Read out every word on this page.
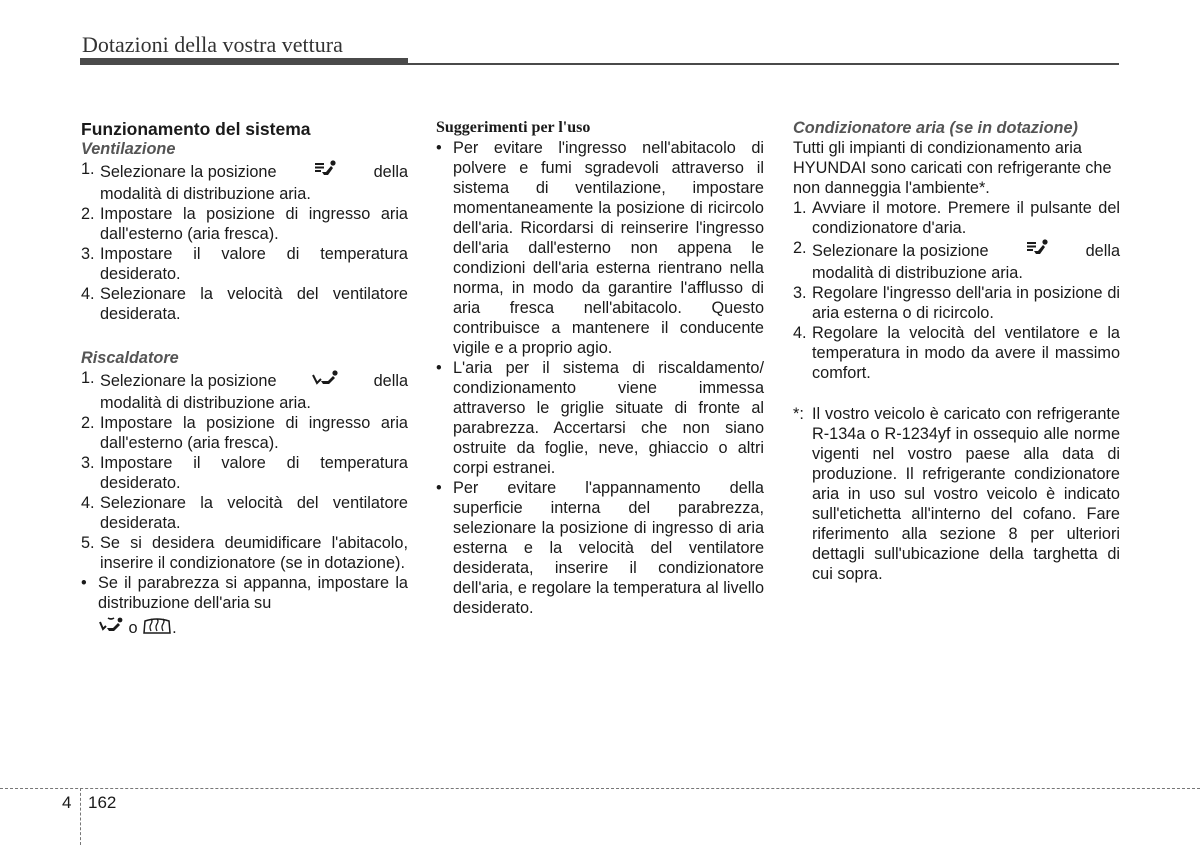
Dotazioni della vostra vettura

Funzionamento del sistema

Ventilazione

1. Selezionare la posizione	della
modalità di distribuzione aria.
2. Impostare la posizione di ingresso aria dall'esterno (aria fresca).
3. Impostare il valore di temperatura desiderato.
4. Selezionare la velocità del ventilatore desiderata.

Riscaldatore

1. Selezionare la posizione	della
modalità di distribuzione aria.
2. Impostare la posizione di ingresso aria dall'esterno (aria fresca).
3. Impostare il valore di temperatura desiderato.
4. Selezionare la velocità del ventilatore desiderata.
5. Se si desidera deumidificare l'abitacolo, inserire il condizionatore (se in dotazione).
• Se il parabrezza si appanna, impostare la distribuzione dell'aria su
o .

Suggerimenti per l'uso

• Per evitare l'ingresso nell'abitacolo di polvere e fumi sgradevoli attraverso il sistema di ventilazione, impostare momentaneamente la posizione di ricircolo dell'aria. Ricordarsi di reinserire l'ingresso dell'aria dall'esterno non appena le condizioni dell'aria esterna rientrano nella norma, in modo da garantire l'afflusso di aria fresca nell'abitacolo. Questo contribuisce a mantenere il conducente vigile e a proprio agio.
• L'aria per il sistema di riscaldamento/ condizionamento viene immessa attraverso le griglie situate di fronte al parabrezza. Accertarsi che non siano ostruite da foglie, neve, ghiaccio o altri corpi estranei.
• Per evitare l'appannamento della superficie interna del parabrezza, selezionare la posizione di ingresso di aria esterna e la velocità del ventilatore desiderata, inserire il condizionatore dell'aria, e regolare la temperatura al livello desiderato.

Condizionatore aria (se in dotazione)

Tutti gli impianti di condizionamento aria HYUNDAI sono caricati con refrigerante che non danneggia l'ambiente*.

1. Avviare il motore. Premere il pulsante del condizionatore d'aria.
2. Selezionare la posizione	della
modalità di distribuzione aria.
3. Regolare l'ingresso dell'aria in posizione di aria esterna o di ricircolo.
4. Regolare la velocità del ventilatore e la temperatura in modo da avere il massimo comfort.
*: Il vostro veicolo è caricato con refrigerante R-134a o R-1234yf in ossequio alle norme vigenti nel vostro paese alla data di produzione. Il refrigerante condizionatore aria in uso sul vostro veicolo è indicato sull'etichetta all'interno del cofano. Fare riferimento alla sezione 8 per ulteriori dettagli sull'ubicazione della targhetta di cui sopra.
4 162
